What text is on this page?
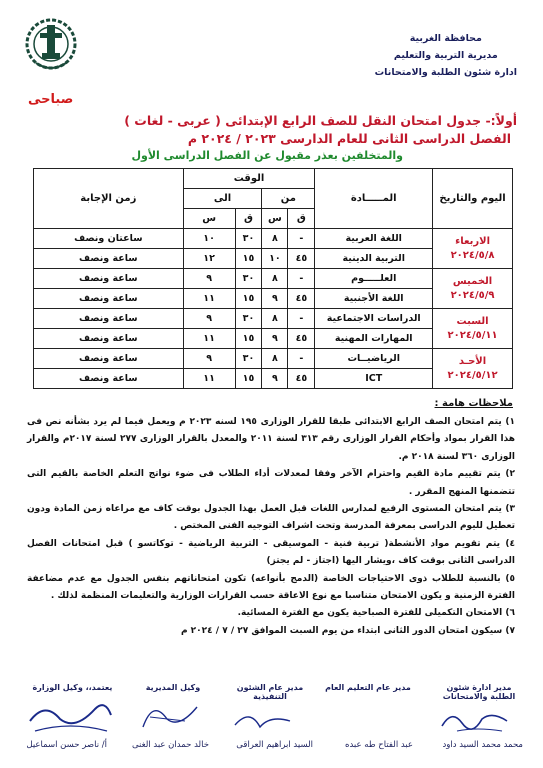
محافظة الغربية
مديرية التربية والتعليم
ادارة شئون الطلبة والامتحانات
صباحى
أولاً:- جدول امتحان النقل للصف الرابع الإبتدائى ( عربى - لغات )
الفصل الدراسى الثانى للعام الدارسى ٢٠٢٣ / ٢٠٢٤ م
والمتخلفين بعذر مقبول عن الفصل الدراسى الأول
اليوم والتاريخ	المـــــادة	الوقت				زمن الإجابة
		من		الى		
		ق	س	ق	س	

الاربعاء
٢٠٢٤/٥/٨	اللغة العربية	-	٨	٣٠	١٠	ساعتان ونصف
	التربية الدينية	٤٥	١٠	١٥	١٢	ساعة ونصف

الخميس
٢٠٢٤/٥/٩	العلـــــوم	-	٨	٣٠	٩	ساعة ونصف
	اللغة الأجنبية	٤٥	٩	١٥	١١	ساعة ونصف

السبت
٢٠٢٤/٥/١١	الدراسات الاجتماعية	-	٨	٣٠	٩	ساعة ونصف
	المهارات المهنية	٤٥	٩	١٥	١١	ساعة ونصف

الأحـد
٢٠٢٤/٥/١٢	الرياضيــات	-	٨	٣٠	٩	ساعة ونصف
	ICT	٤٥	٩	١٥	١١	ساعة ونصف
ملاحظات هامة :

١) يتم امتحان الصف الرابع الابتدائى طبقا للقرار الوزارى ١٩٥ لسنه ٢٠٢٣ م ويعمل فيما لم يرد بشأنه نص فى هذا القرار بمواد وأحكام القرار الوزارى رقم ٣١٣ لسنة ٢٠١١ والمعدل بالقرار الوزارى ٢٧٧ لسنة ٢٠١٧م والقرار الوزارى ٣٦٠ لسنة ٢٠١٨ م.

٢) يتم تقييم مادة القيم واحترام الآخر وفقا لمعدلات أداء الطلاب فى ضوء نواتج التعلم الخاصة بالقيم التى تتضمنها المنهج المقرر .

٣) يتم امتحان المستوى الرفيع لمدارس اللغات قبل العمل بهذا الجدول بوقت كاف مع مراعاه زمن المادة ودون تعطيل لليوم الدراسى بمعرفة المدرسة وتحت اشراف التوجيه الفنى المختص .

٤) يتم تقويم مواد الأنشطة( تربية فنية - الموسيقى - التربية الرياضية - توكاتسو ) قبل امتحانات الفصل الدراسى الثانى بوقت كاف ،ويشار اليها (اجتاز - لم يجتز)

٥) بالنسبة للطلاب ذوى الاحتياجات الخاصة (الدمج بأنواعه) تكون امتحاناتهم بنفس الجدول مع عدم مضاعفة الفترة الزمنية و يكون الامتحان متناسبا مع نوع الاعاقة حسب القرارات الوزارية والتعليمات المنظمة لذلك .

٦) الامتحان التكميلى للفترة الصباحية يكون مع الفترة المسائية.

٧) سيكون امتحان الدور الثانى ابتداء من يوم السبت الموافق ٢٧ / ٧ / ٢٠٢٤ م

مدير ادارة شئون الطلبة والامتحانات
مدير عام التعليم العام
مدير عام الشئون التنفيذية
وكيل المديرية
يعتمد،، وكيل الوزارة
محمد محمد السيد داود
عبد الفتاح طه عبده
السيد ابراهيم العراقى
خالد حمدان عبد الغنى
أ/ ناصر حسن اسماعيل
